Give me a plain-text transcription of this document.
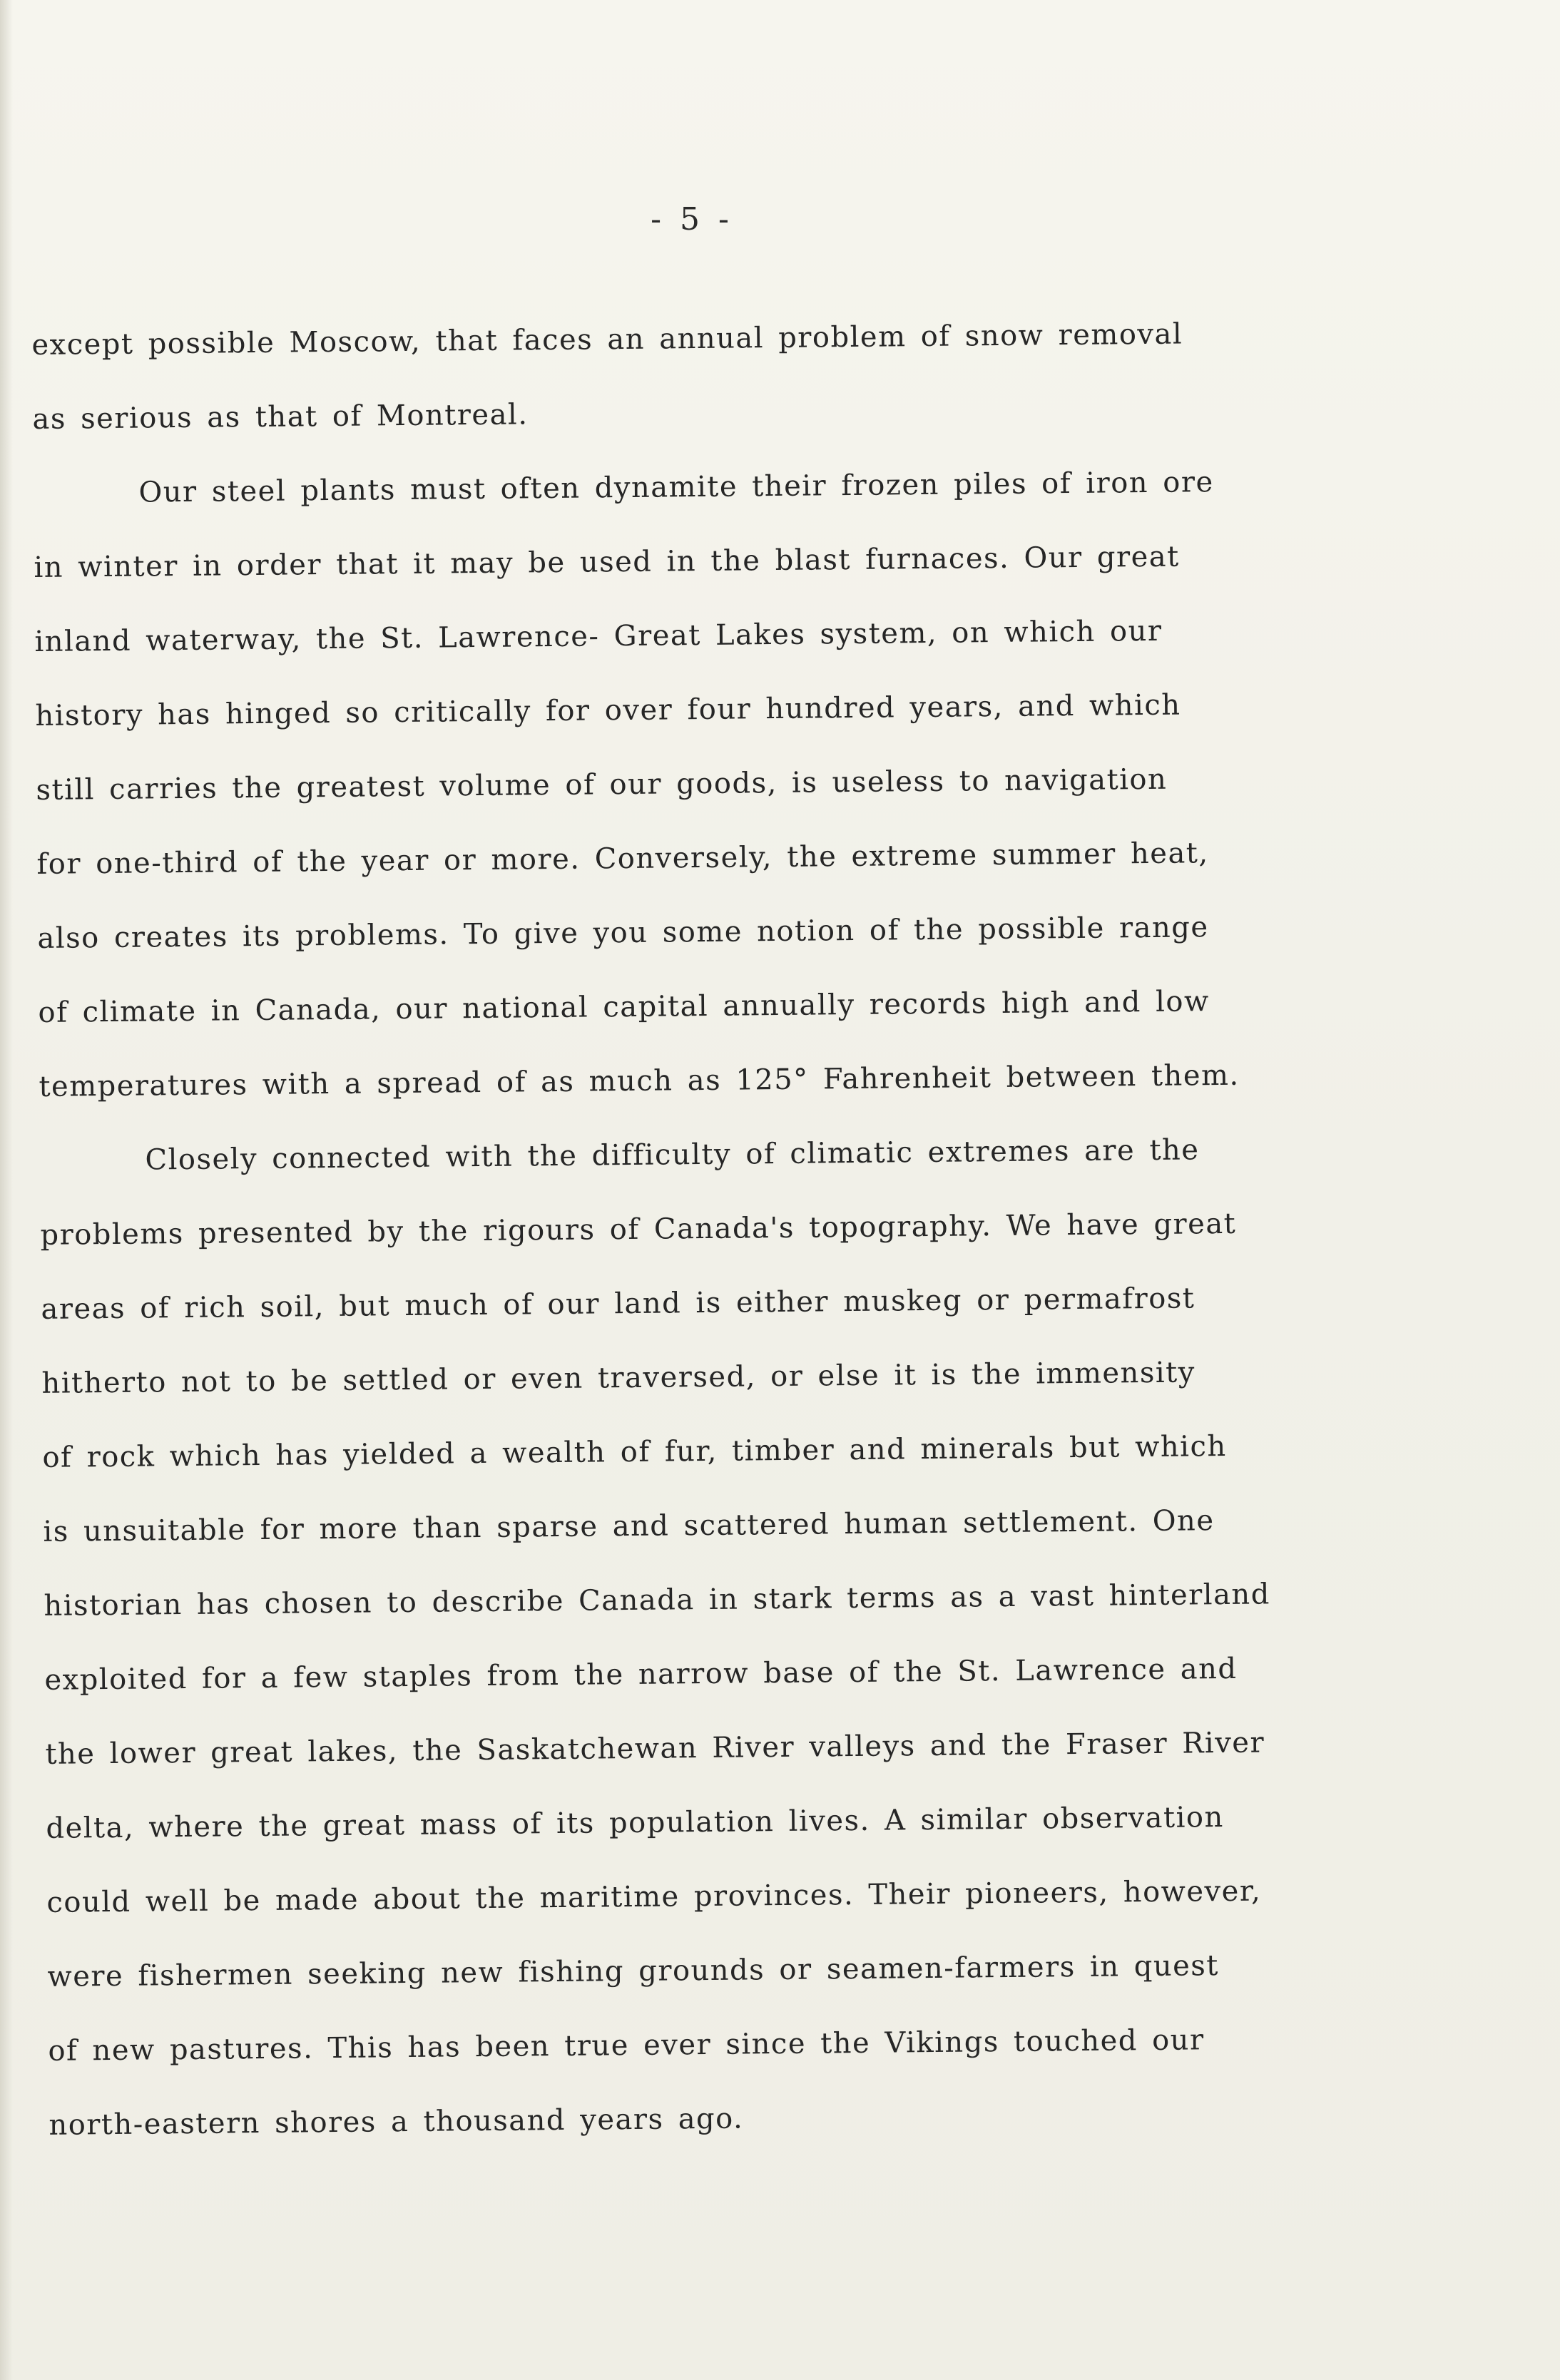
- 5 -

except possible Moscow, that faces an annual problem of snow removal
as serious as that of Montreal.
Our steel plants must often dynamite their frozen piles of iron ore
in winter in order that it may be used in the blast furnaces. Our great
inland waterway, the St. Lawrence- Great Lakes system, on which our
history has hinged so critically for over four hundred years, and which
still carries the greatest volume of our goods, is useless to navigation
for one-third of the year or more. Conversely, the extreme summer heat,
also creates its problems. To give you some notion of the possible range
of climate in Canada, our national capital annually records high and low
temperatures with a spread of as much as 125° Fahrenheit between them.
Closely connected with the difficulty of climatic extremes are the
problems presented by the rigours of Canada's topography. We have great
areas of rich soil, but much of our land is either muskeg or permafrost
hitherto not to be settled or even traversed, or else it is the immensity
of rock which has yielded a wealth of fur, timber and minerals but which
is unsuitable for more than sparse and scattered human settlement. One
historian has chosen to describe Canada in stark terms as a vast hinterland
exploited for a few staples from the narrow base of the St. Lawrence and
the lower great lakes, the Saskatchewan River valleys and the Fraser River
delta, where the great mass of its population lives. A similar observation
could well be made about the maritime provinces. Their pioneers, however,
were fishermen seeking new fishing grounds or seamen-farmers in quest
of new pastures. This has been true ever since the Vikings touched our
north-eastern shores a thousand years ago.
